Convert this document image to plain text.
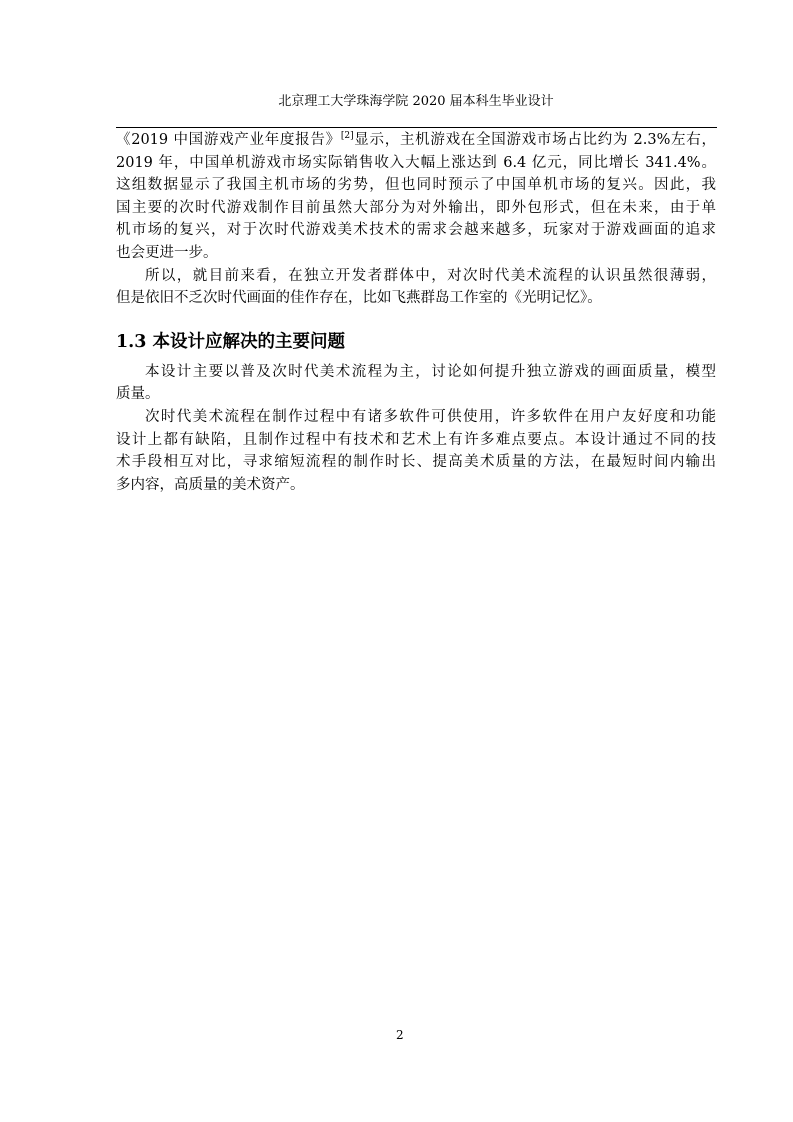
北京理工大学珠海学院 2020 届本科生毕业设计

《2019 中国游戏产业年度报告》[2]显示，主机游戏在全国游戏市场占比约为 2.3%左右，
2019 年，中国单机游戏市场实际销售收入大幅上涨达到 6.4 亿元，同比增长 341.4%。
这组数据显示了我国主机市场的劣势，但也同时预示了中国单机市场的复兴。因此，我
国主要的次时代游戏制作目前虽然大部分为对外输出，即外包形式，但在未来，由于单
机市场的复兴，对于次时代游戏美术技术的需求会越来越多，玩家对于游戏画面的追求
也会更进一步。

所以，就目前来看，在独立开发者群体中，对次时代美术流程的认识虽然很薄弱，
但是依旧不乏次时代画面的佳作存在，比如飞燕群岛工作室的《光明记忆》。

1.3 本设计应解决的主要问题

本设计主要以普及次时代美术流程为主，讨论如何提升独立游戏的画面质量，模型
质量。

次时代美术流程在制作过程中有诸多软件可供使用，许多软件在用户友好度和功能
设计上都有缺陷，且制作过程中有技术和艺术上有许多难点要点。本设计通过不同的技
术手段相互对比，寻求缩短流程的制作时长、提高美术质量的方法，在最短时间内输出
多内容，高质量的美术资产。

2
